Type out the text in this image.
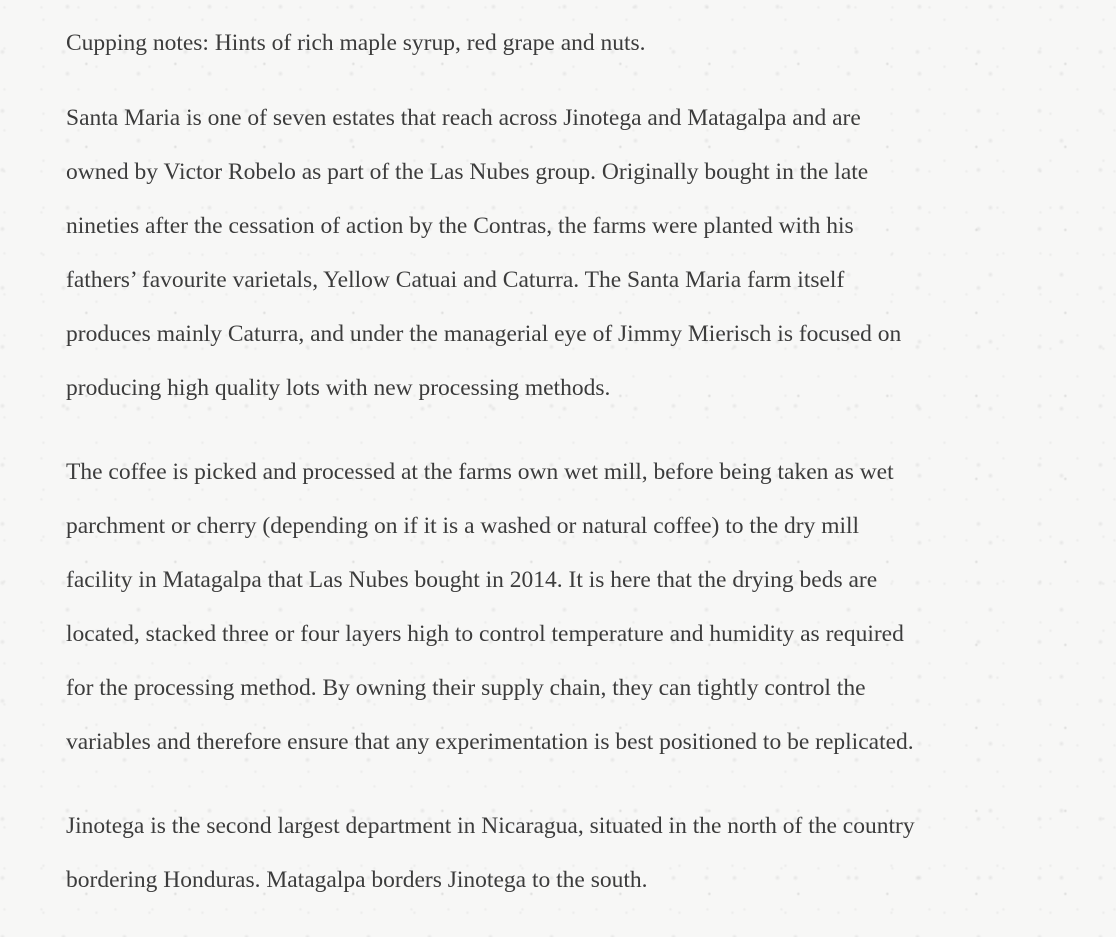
Cupping notes: Hints of rich maple syrup, red grape and nuts.

Santa Maria is one of seven estates that reach across Jinotega and Matagalpa and are
owned by Victor Robelo as part of the Las Nubes group. Originally bought in the late
nineties after the cessation of action by the Contras, the farms were planted with his
fathers’ favourite varietals, Yellow Catuai and Caturra. The Santa Maria farm itself
produces mainly Caturra, and under the managerial eye of Jimmy Mierisch is focused on
producing high quality lots with new processing methods.

The coffee is picked and processed at the farms own wet mill, before being taken as wet
parchment or cherry (depending on if it is a washed or natural coffee) to the dry mill
facility in Matagalpa that Las Nubes bought in 2014. It is here that the drying beds are
located, stacked three or four layers high to control temperature and humidity as required
for the processing method. By owning their supply chain, they can tightly control the
variables and therefore ensure that any experimentation is best positioned to be replicated.

Jinotega is the second largest department in Nicaragua, situated in the north of the country
bordering Honduras. Matagalpa borders Jinotega to the south.
